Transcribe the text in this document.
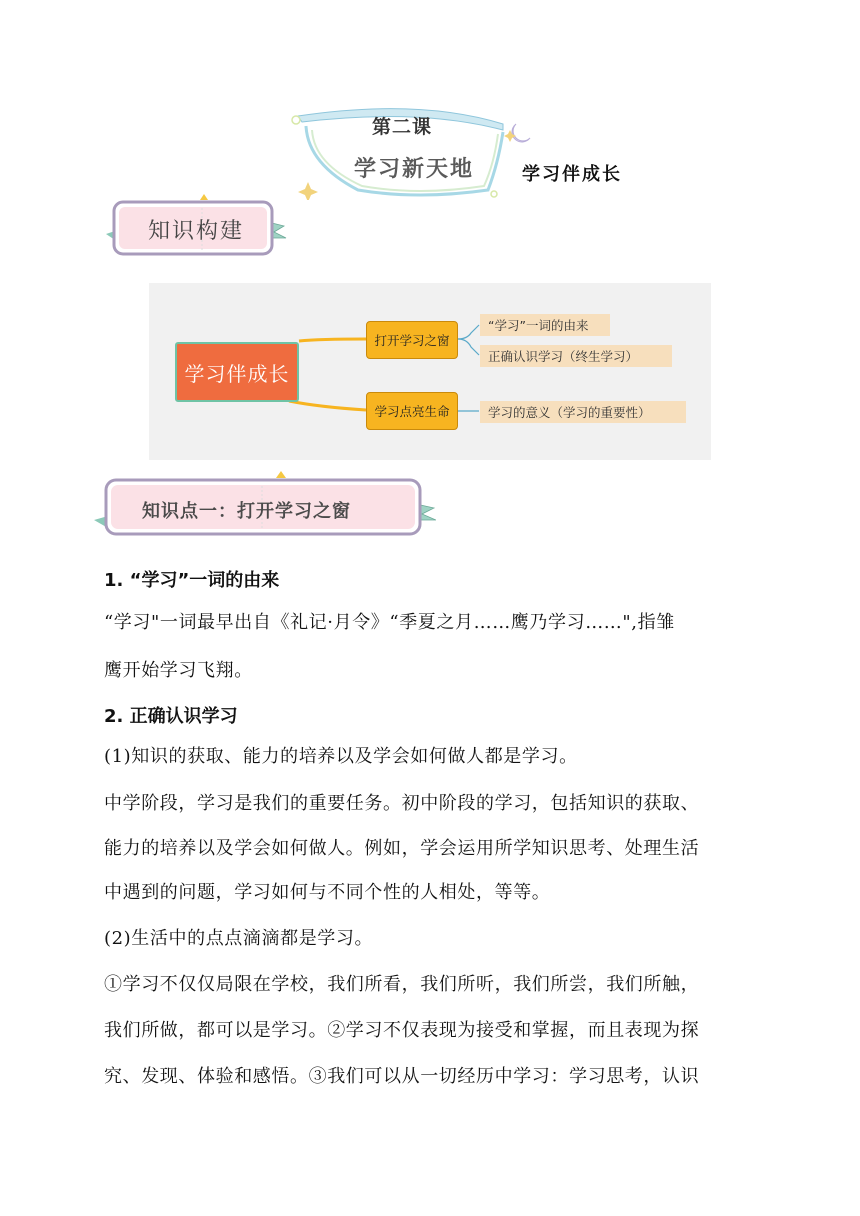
第二课
学习新天地	学习伴成长
知识构建
学习伴成长
打开学习之窗
学习点亮生命
“学习”一词的由来
正确认识学习（终生学习）
学习的意义（学习的重要性）
知识点一：打开学习之窗
1. “学习”一词的由来
“学习"一词最早出自《礼记·月令》“季夏之月……鹰乃学习……",指雏
鹰开始学习飞翔。
2. 正确认识学习
(1)知识的获取、能力的培养以及学会如何做人都是学习。
中学阶段，学习是我们的重要任务。初中阶段的学习，包括知识的获取、
能力的培养以及学会如何做人。例如，学会运用所学知识思考、处理生活
中遇到的问题，学习如何与不同个性的人相处，等等。
(2)生活中的点点滴滴都是学习。
①学习不仅仅局限在学校，我们所看，我们所听，我们所尝，我们所触，
我们所做，都可以是学习。②学习不仅表现为接受和掌握，而且表现为探
究、发现、体验和感悟。③我们可以从一切经历中学习：学习思考，认识
